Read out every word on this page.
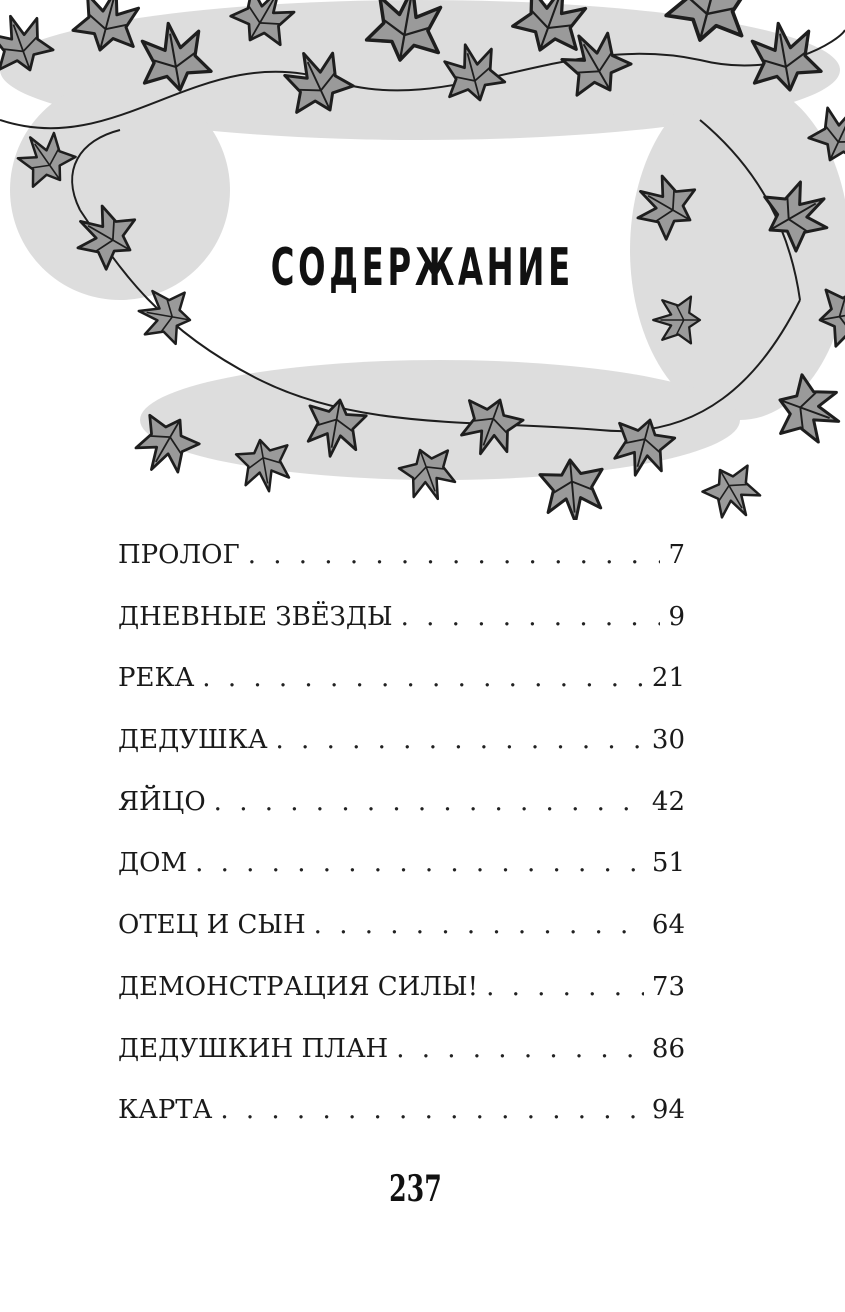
СОДЕРЖАНИЕ
ПРОЛОГ . . .	7
ДНЕВНЫЕ ЗВЁЗДЫ . . .	9
РЕКА . . .	21
ДЕДУШКА . . .	30
ЯЙЦО . . .	42
ДОМ . . .	51
ОТЕЦ И СЫН . . .	64
ДЕМОНСТРАЦИЯ СИЛЫ! . . .	73
ДЕДУШКИН ПЛАН . . .	86
КАРТА . . .	94
237
